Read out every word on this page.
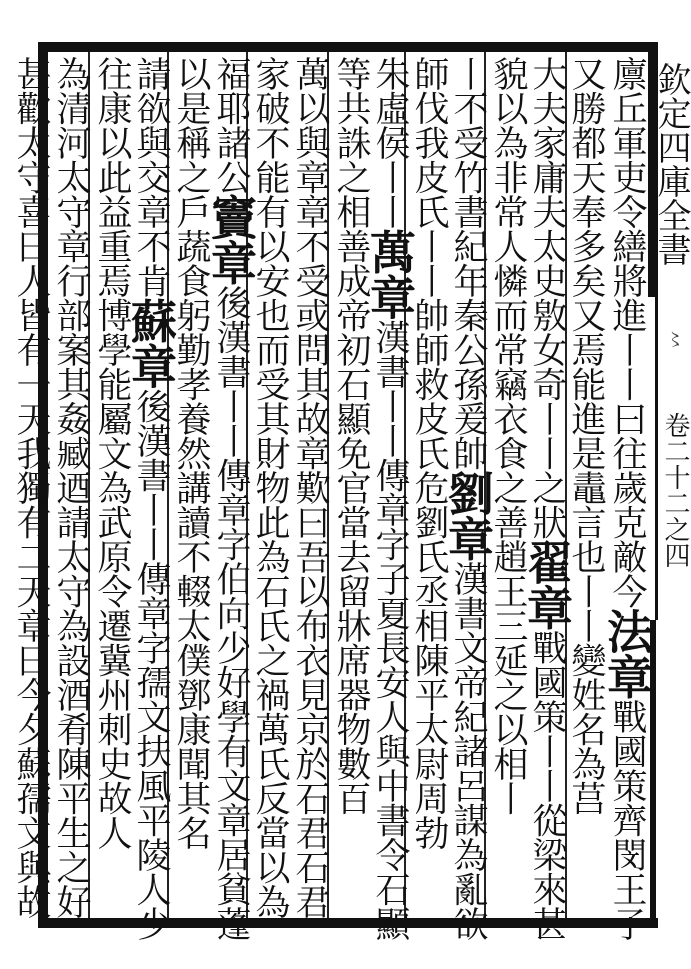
欽定四庫全書
〻
卷二十二之四
廪丘軍吏令繕將進丨丨曰往歲克敵今法章戰國策齊閔王子
又勝都天奉多矣又焉能進是鼃言也丨丨變姓名為莒
大夫家庸夫太史敫女奇丨丨之狀翟章戰國策丨丨從梁來甚
貌以為非常人憐而常竊衣食之善趙王三延之以相丨
丨不受竹書紀年秦公孫爰帥劉章漢書文帝紀諸呂謀為亂欲
師伐我皮氏丨丨帥師救皮氏危劉氏丞相陳平太尉周勃
朱虛侯丨丨萬章漢書丨丨傳章字子夏長安人與中書令石顯
等共誅之相善成帝初石顯免官當去留牀席器物數百
萬以與章章不受或問其故章歎曰吾以布衣見京於石君石君
家破不能有以安也而受其財物此為石氏之禍萬氏反當以為
福耶諸公竇章後漢書丨丨傳章字伯向少好學有文章居貧蓬
以是稱之戶蔬食躬勤孝養然講讀不輟太僕鄧康聞其名
請欲與交章不肯蘇章後漢書丨丨傳章字孺文扶風平陵人少
往康以此益重焉博學能屬文為武原令遷冀州刺史故人
為清河太守章行部案其姦臧迺請太守為設酒肴陳平生之好
甚歡太守喜曰人皆有一天我獨有二天章曰今夕蘇孺文與故
